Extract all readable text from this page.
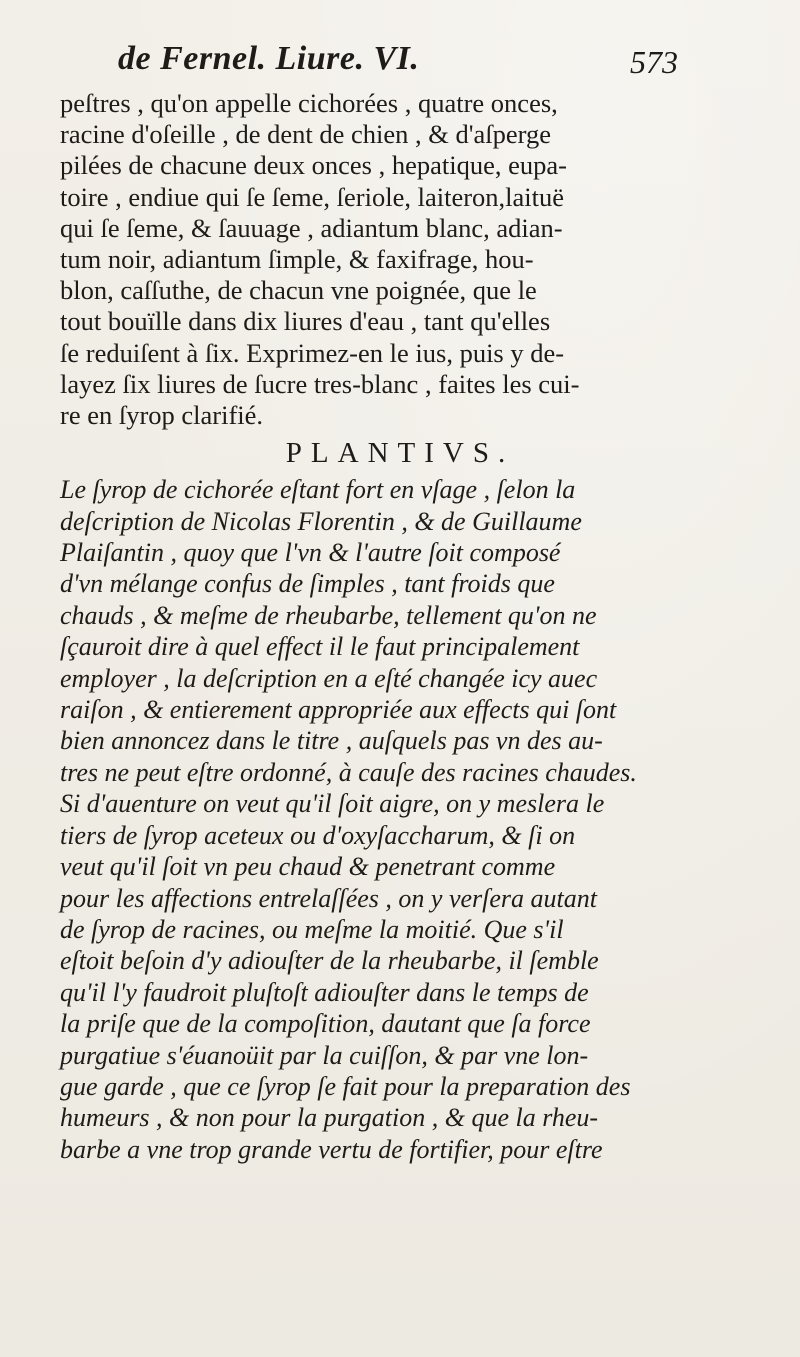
de Fernel. Liure. VI.	573

peſtres , qu'on appelle cichorées , quatre onces,

racine d'oſeille , de dent de chien , & d'aſperge

pilées de chacune deux onces , hepatique, eupa-

toire , endiue qui ſe ſeme, ſeriole, laiteron,laituë

qui ſe ſeme, & ſauuage , adiantum blanc, adian-

tum noir, adiantum ſimple, & faxifrage, hou-

blon, caſſuthe, de chacun vne poignée, que le

tout bouïlle dans dix liures d'eau , tant qu'elles

ſe reduiſent à ſix. Exprimez-en le ius, puis y de-

layez ſix liures de ſucre tres-blanc , faites les cui-

re en ſyrop clarifié.

PLANTIVS.

Le ſyrop de cichorée eſtant fort en vſage , ſelon la

deſcription de Nicolas Florentin , & de Guillaume

Plaiſantin , quoy que l'vn & l'autre ſoit composé

d'vn mélange confus de ſimples , tant froids que

chauds , & meſme de rheubarbe, tellement qu'on ne

ſçauroit dire à quel effect il le faut principalement

employer , la deſcription en a eſté changée icy auec

raiſon , & entierement appropriée aux effects qui ſont

bien annoncez dans le titre , auſquels pas vn des au-

tres ne peut eſtre ordonné, à cauſe des racines chaudes.

Si d'auenture on veut qu'il ſoit aigre, on y meslera le

tiers de ſyrop aceteux ou d'oxyſaccharum, & ſi on

veut qu'il ſoit vn peu chaud & penetrant comme

pour les affections entrelaſſées , on y verſera autant

de ſyrop de racines, ou meſme la moitié. Que s'il

eſtoit beſoin d'y adiouſter de la rheubarbe, il ſemble

qu'il l'y faudroit pluſtoſt adiouſter dans le temps de

la priſe que de la compoſition, dautant que ſa force

purgatiue s'éuanoüit par la cuiſſon, & par vne lon-

gue garde , que ce ſyrop ſe fait pour la preparation des

humeurs , & non pour la purgation , & que la rheu-

barbe a vne trop grande vertu de fortifier, pour eſtre
